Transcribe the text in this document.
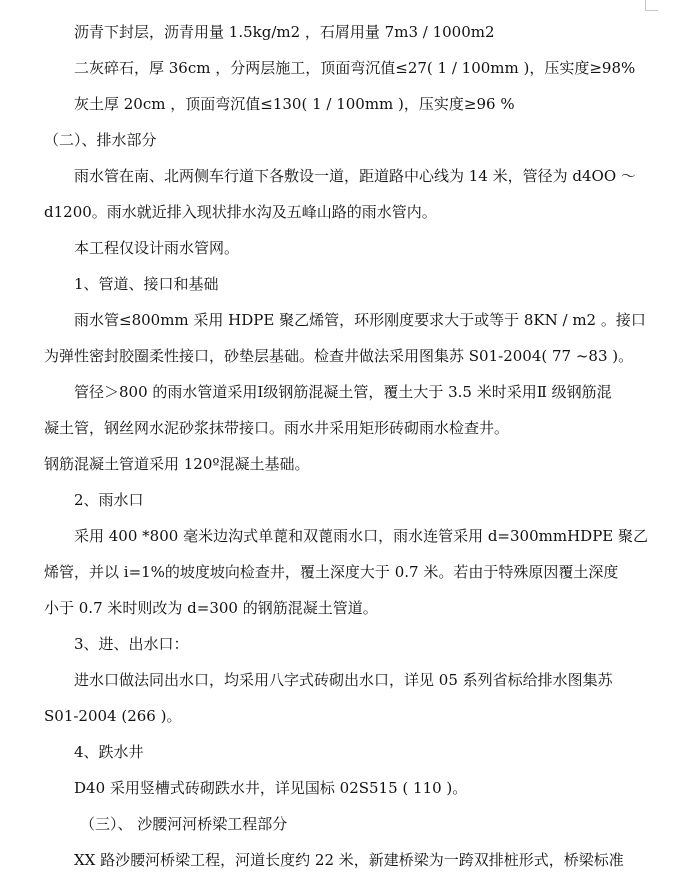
沥青下封层，沥青用量 1.5kg/m2 ，石屑用量 7m3 / 1000m2
二灰碎石，厚 36cm ，分两层施工，顶面弯沉值≤27( 1 / 100mm )，压实度≥98%
灰土厚 20cm ，顶面弯沉值≤130( 1 / 100mm )，压实度≥96 %
（二）、排水部分
雨水管在南、北两侧车行道下各敷设一道，距道路中心线为 14 米，管径为 d4OO ～
d1200。雨水就近排入现状排水沟及五峰山路的雨水管内。
本工程仅设计雨水管网。
1、管道、接口和基础
雨水管≤800mm 采用 HDPE 聚乙烯管，环形刚度要求大于或等于 8KN / m2 。接口
为弹性密封胶圈柔性接口，砂垫层基础。检查井做法采用图集苏 S01-2004( 77 ~83 )。
管径＞800 的雨水管道采用Ⅰ级钢筋混凝土管，覆土大于 3.5 米时采用Ⅱ 级钢筋混
凝土管，钢丝网水泥砂浆抹带接口。雨水井采用矩形砖砌雨水检查井。
钢筋混凝土管道采用 120º混凝土基础。
2、雨水口
采用 400 *800 毫米边沟式单蓖和双蓖雨水口，雨水连管采用 d=300mmHDPE 聚乙
烯管，并以 i=1%的坡度坡向检查井，覆土深度大于 0.7 米。若由于特殊原因覆土深度
小于 0.7 米时则改为 d=300 的钢筋混凝土管道。
3、进、出水口：
进水口做法同出水口，均采用八字式砖砌出水口，详见 05 系列省标给排水图集苏
S01-2004 (266 )。
4、跌水井
D40 采用竖槽式砖砌跌水井，详见国标 02S515 ( 110 )。
（三）、 沙腰河河桥梁工程部分
XX 路沙腰河桥梁工程，河道长度约 22 米，新建桥梁为一跨双排桩形式，桥梁标准
